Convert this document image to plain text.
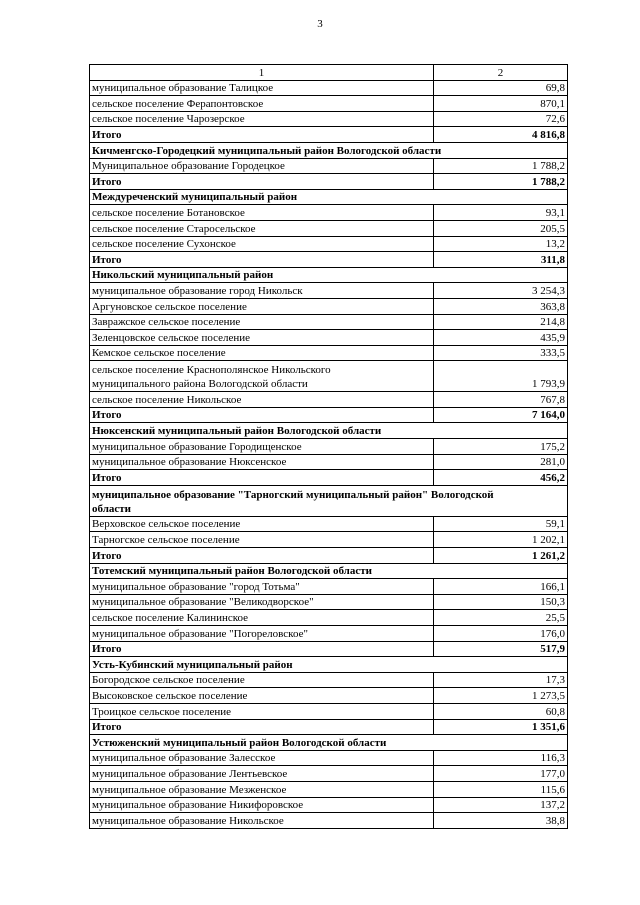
3
1	2
муниципальное образование Талицкое	69,8
сельское поселение Ферапонтовское	870,1
сельское поселение Чарозерское	72,6
Итого	4 816,8
Кичменгско-Городецкий муниципальный район Вологодской области	
Муниципальное образование Городецкое	1 788,2
Итого	1 788,2
Междуреченский муниципальный район	
сельское поселение Ботановское	93,1
сельское поселение Старосельское	205,5
сельское поселение Сухонское	13,2
Итого	311,8
Никольский муниципальный район	
муниципальное образование город Никольск	3 254,3
Аргуновское сельское поселение	363,8
Завражское сельское поселение	214,8
Зеленцовское сельское поселение	435,9
Кемское сельское поселение	333,5
сельское поселение Краснополянское Никольского
муниципального района Вологодской области	1 793,9
сельское поселение Никольское	767,8
Итого	7 164,0
Нюксенский муниципальный район Вологодской области	
муниципальное образование Городищенское	175,2
муниципальное образование Нюксенское	281,0
Итого	456,2
муниципальное образование "Тарногский муниципальный район" Вологодской
области	
Верховское сельское поселение	59,1
Тарногское сельское поселение	1 202,1
Итого	1 261,2
Тотемский муниципальный район Вологодской области	
муниципальное образование "город Тотьма"	166,1
муниципальное образование "Великодворское"	150,3
сельское поселение Калининское	25,5
муниципальное образование "Погореловское"	176,0
Итого	517,9
Усть-Кубинский муниципальный район	
Богородское сельское поселение	17,3
Высоковское сельское поселение	1 273,5
Троицкое сельское поселение	60,8
Итого	1 351,6
Устюженский муниципальный район Вологодской области	
муниципальное образование Залесское	116,3
муниципальное образование Лентьевское	177,0
муниципальное образование Мезженское	115,6
муниципальное образование Никифоровское	137,2
муниципальное образование Никольское	38,8
